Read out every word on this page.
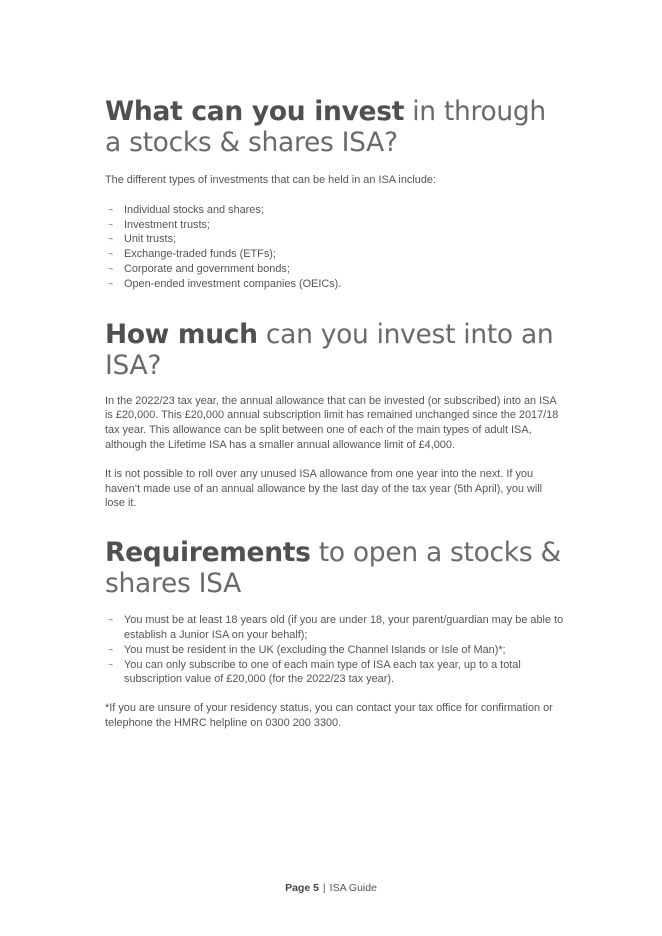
What can you invest in through a stocks & shares ISA?

The different types of investments that can be held in an ISA include:

¬ Individual stocks and shares;
¬ Investment trusts;
¬ Unit trusts;
¬ Exchange-traded funds (ETFs);
¬ Corporate and government bonds;
¬ Open-ended investment companies (OEICs).
How much can you invest into an ISA?

In the 2022/23 tax year, the annual allowance that can be invested (or subscribed) into an ISA is £20,000. This £20,000 annual subscription limit has remained unchanged since the 2017/18 tax year. This allowance can be split between one of each of the main types of adult ISA, although the Lifetime ISA has a smaller annual allowance limit of £4,000.

It is not possible to roll over any unused ISA allowance from one year into the next. If you haven’t made use of an annual allowance by the last day of the tax year (5th April), you will lose it.

Requirements to open a stocks & shares ISA
¬ You must be at least 18 years old (if you are under 18, your parent/guardian may be able to establish a Junior ISA on your behalf);
¬ You must be resident in the UK (excluding the Channel Islands or Isle of Man)*;
¬ You can only subscribe to one of each main type of ISA each tax year, up to a total subscription value of £20,000 (for the 2022/23 tax year).

*If you are unsure of your residency status, you can contact your tax office for confirmation or telephone the HMRC helpline on 0300 200 3300.

Page 5 | ISA Guide
